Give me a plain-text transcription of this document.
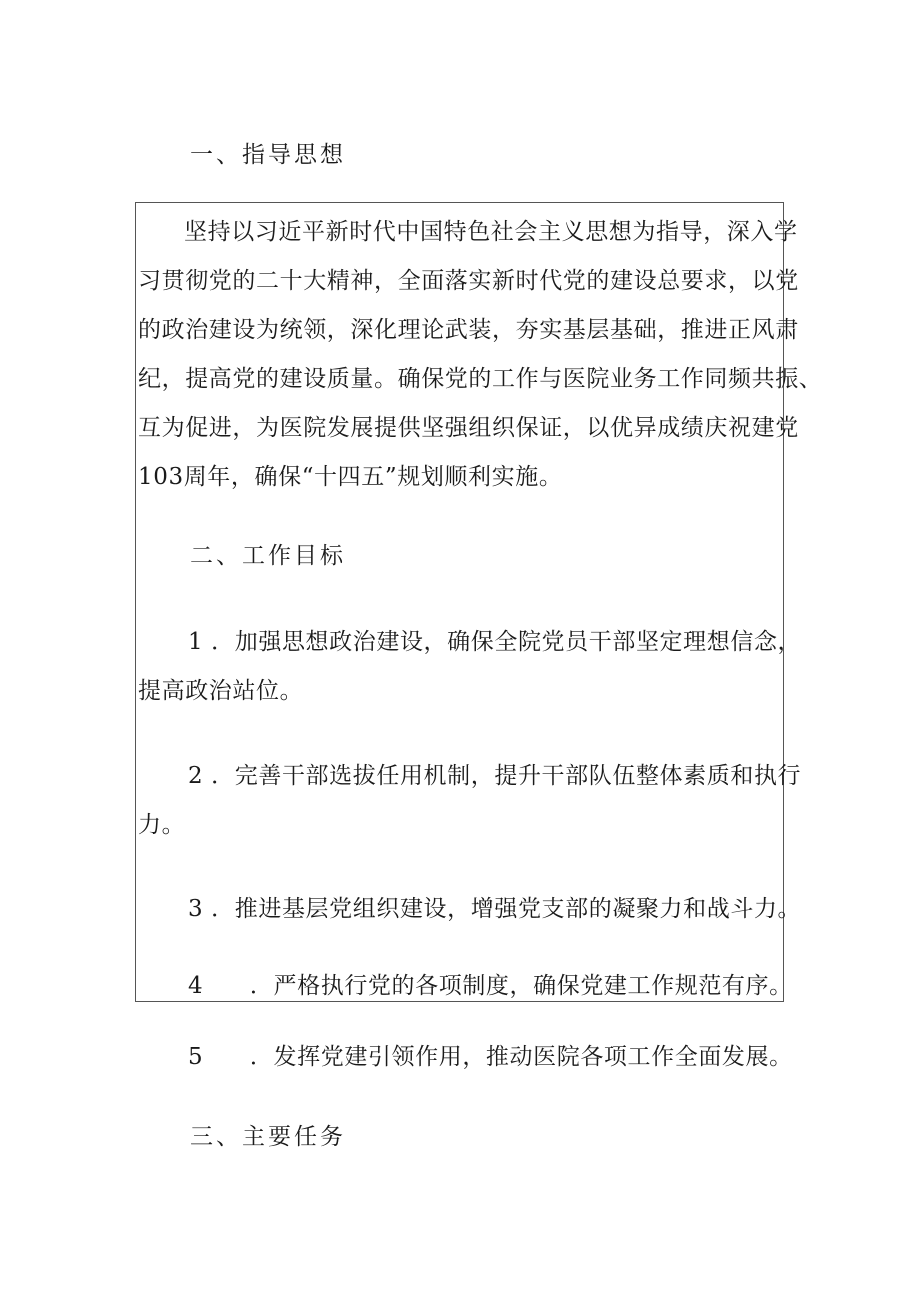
一、指导思想
坚持以习近平新时代中国特色社会主义思想为指导，深入学
习贯彻党的二十大精神，全面落实新时代党的建设总要求，以党
的政治建设为统领，深化理论武装，夯实基层基础，推进正风肃
纪，提高党的建设质量。确保党的工作与医院业务工作同频共振、
互为促进，为医院发展提供坚强组织保证，以优异成绩庆祝建党
103周年，确保“十四五”规划顺利实施。
二、工作目标
1 ．加强思想政治建设，确保全院党员干部坚定理想信念，
提高政治站位。
2 ．完善干部选拔任用机制，提升干部队伍整体素质和执行
力。
3 ．推进基层党组织建设，增强党支部的凝聚力和战斗力。
4 ．严格执行党的各项制度，确保党建工作规范有序。
5 ．发挥党建引领作用，推动医院各项工作全面发展。
三、主要任务
